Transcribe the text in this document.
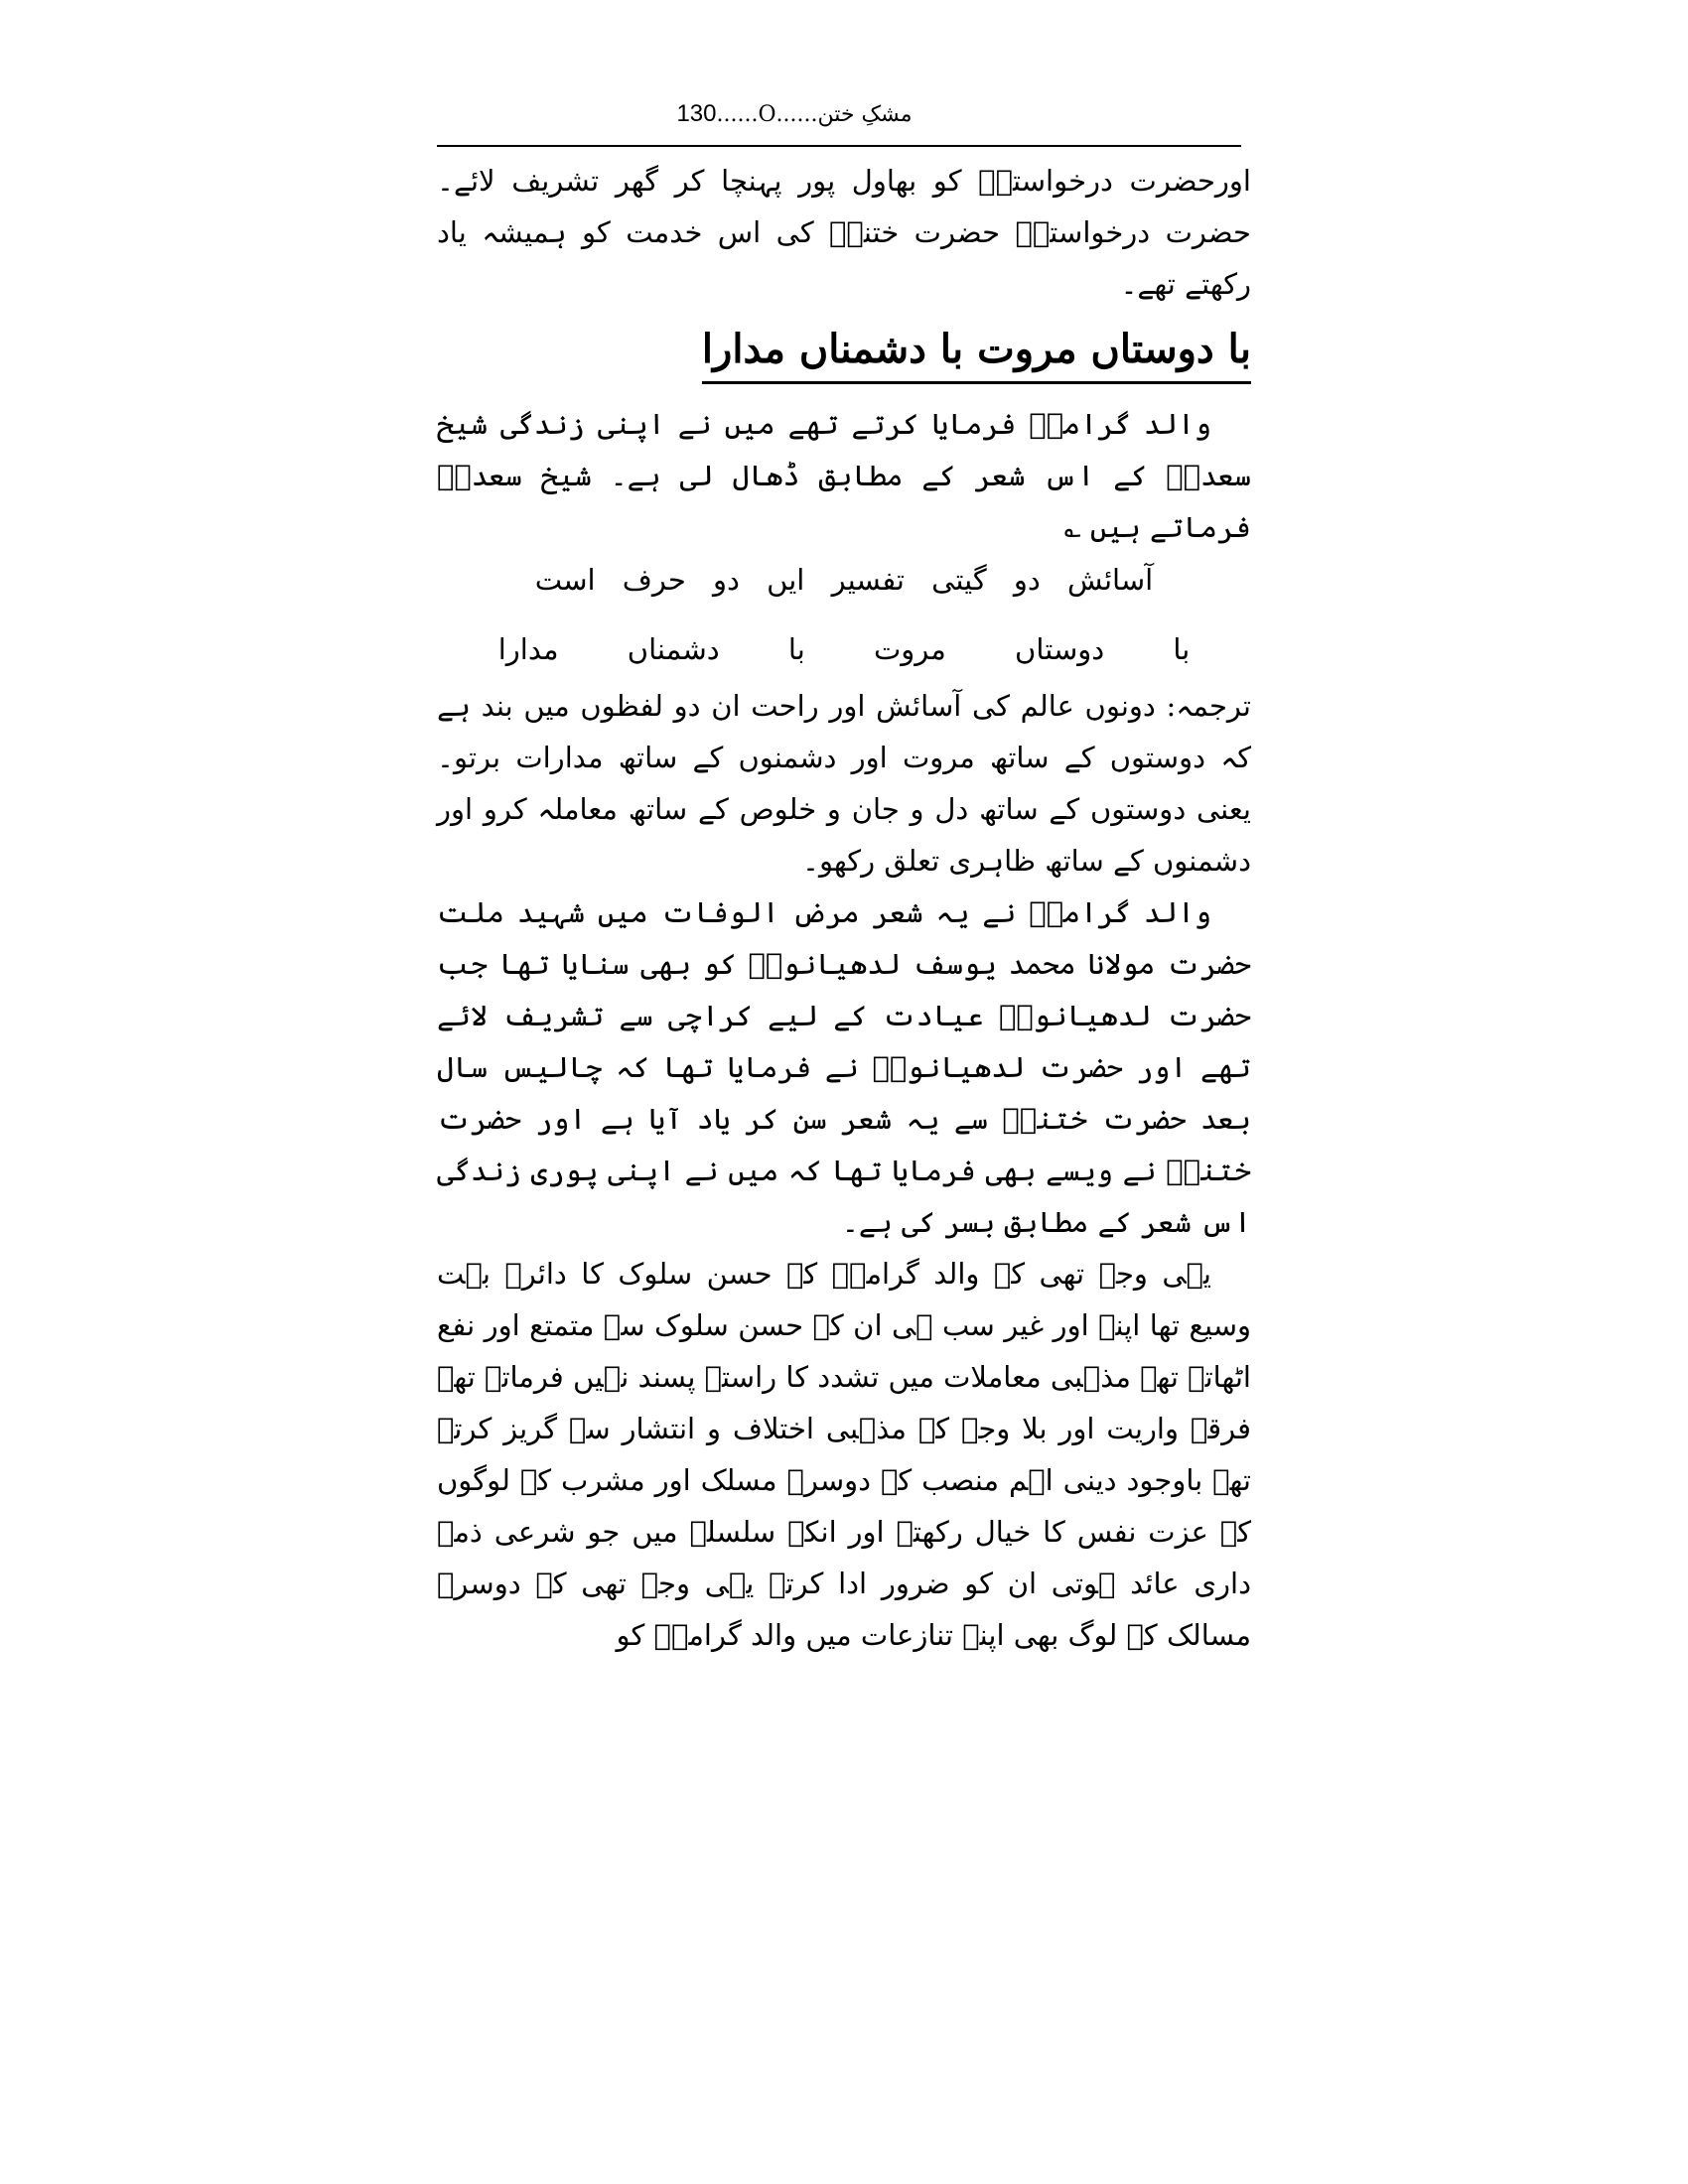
مشکِ ختن......O......130

اورحضرت درخواستیؒ کو بھاول پور پہنچا کر گھر تشریف لائے۔ حضرت درخواستیؒ حضرت ختنیؒ کی اس خدمت کو ہمیشہ یاد رکھتے تھے۔

با دوستاں مروت با دشمناں مدارا

والد گرامیؒ فرمایا کرتے تھے میں نے اپنی زندگی شیخ سعدیؒ کے اس شعر کے مطابق ڈھال لی ہے۔ شیخ سعدیؒ فرماتے ہیں ؎

آسائش دو گیتی تفسیر ایں دو حرف است
با دوستاں مروت با دشمناں مدارا

ترجمہ: دونوں عالم کی آسائش اور راحت ان دو لفظوں میں بند ہے کہ دوستوں کے ساتھ مروت اور دشمنوں کے ساتھ مدارات برتو۔ یعنی دوستوں کے ساتھ دل و جان و خلوص کے ساتھ معاملہ کرو اور دشمنوں کے ساتھ ظاہری تعلق رکھو۔

والد گرامیؒ نے یہ شعر مرض الوفات میں شہید ملت حضرت مولانا محمد یوسف لدھیانویؒ کو بھی سنایا تھا جب حضرت لدھیانویؒ عیادت کے لیے کراچی سے تشریف لائے تھے اور حضرت لدھیانویؒ نے فرمایا تھا کہ چالیس سال بعد حضرت ختنیؒ سے یہ شعر سن کر یاد آیا ہے اور حضرت ختنیؒ نے ویسے بھی فرمایا تھا کہ میں نے اپنی پوری زندگی اس شعر کے مطابق بسر کی ہے۔

یہی وجہ تھی کہ والد گرامیؒ کے حسن سلوک کا دائرہ بہت وسیع تھا اپنے اور غیر سب ہی ان کے حسن سلوک سے متمتع اور نفع اٹھاتے تھے مذہبی معاملات میں تشدد کا راستہ پسند نہیں فرماتے تھے فرقہ واریت اور بلا وجہ کے مذہبی اختلاف و انتشار سے گریز کرتے تھے باوجود دینی اہم منصب کے دوسرے مسلک اور مشرب کے لوگوں کے عزت نفس کا خیال رکھتے اور انکے سلسلے میں جو شرعی ذمہ داری عائد ہوتی ان کو ضرور ادا کرتے یہی وجہ تھی کہ دوسرے مسالک کے لوگ بھی اپنے تنازعات میں والد گرامیؒ کو
